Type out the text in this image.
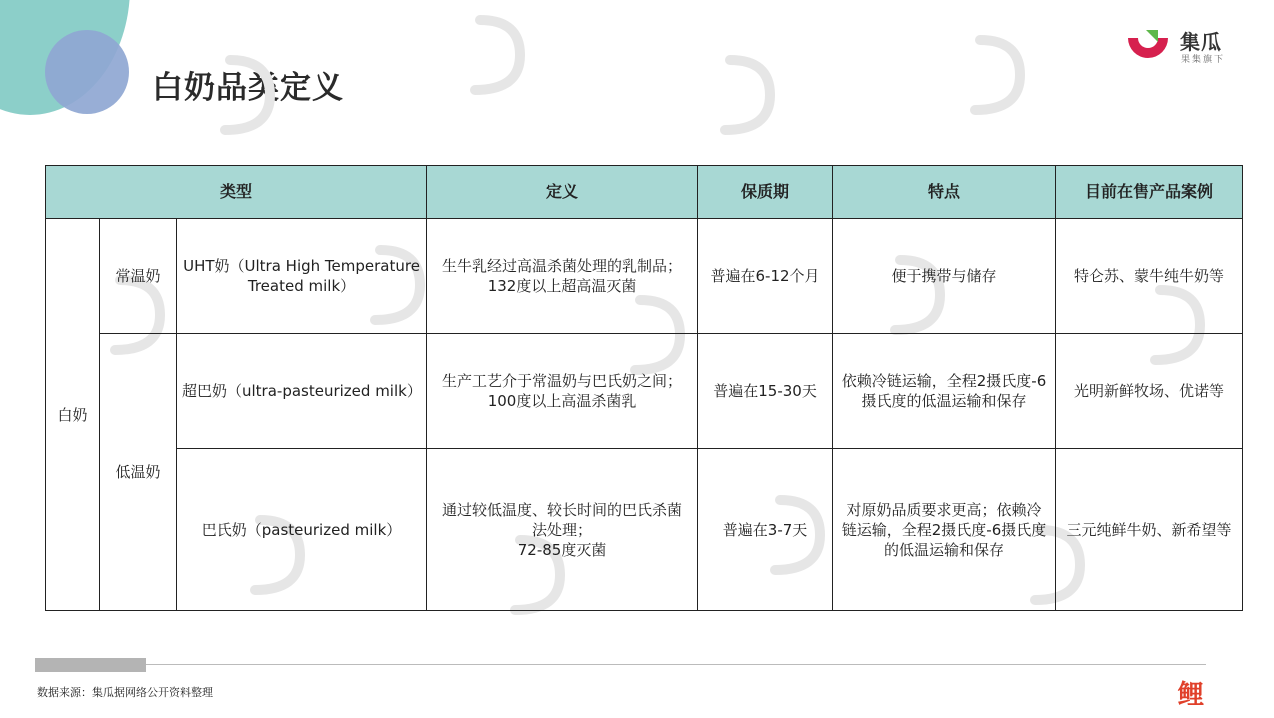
白奶品类定义
集瓜
果集旗下
类型			定义	保质期	特点	目前在售产品案例
白奶	常温奶	UHT奶（Ultra High Temperature
Treated milk）	生牛乳经过高温杀菌处理的乳制品；
132度以上超高温灭菌	普遍在6-12个月	便于携带与储存	特仑苏、蒙牛纯牛奶等
	低温奶	超巴奶（ultra-pasteurized milk）	生产工艺介于常温奶与巴氏奶之间；
100度以上高温杀菌乳	普遍在15-30天	依赖冷链运输，全程2摄氏度-6
摄氏度的低温运输和保存	光明新鲜牧场、优诺等
		巴氏奶（pasteurized milk）	通过较低温度、较长时间的巴氏杀菌
法处理；
72-85度灭菌	普遍在3-7天	对原奶品质要求更高；依赖冷
链运输，全程2摄氏度-6摄氏度
的低温运输和保存	三元纯鲜牛奶、新希望等
数据来源：集瓜据网络公开资料整理	鲤
